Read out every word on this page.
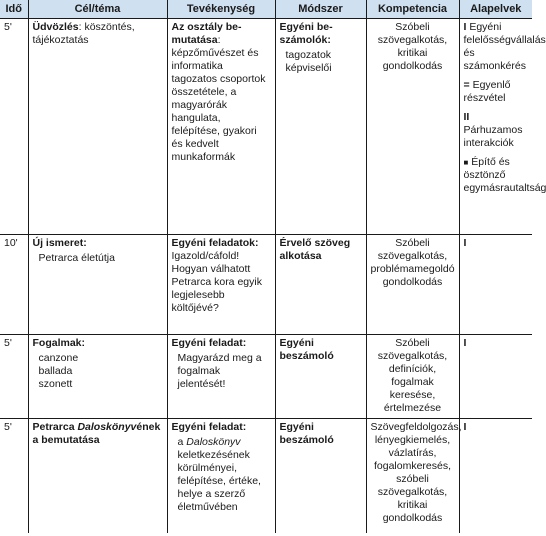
Idő	Cél/téma	Tevékenység	Módszer	Kompetencia	Alapelvek
5'	Üdvözlés: köszöntés, tájékoztatás	Az osztály be-mutatása: képzőművészet és informatika tagozatos csoportok összetétele, a magyarórák hangulata, felépítése, gyakori és kedvelt munkaformák	Egyéni be-számolók:
tagozatok képviselői	Szóbeli szövegalkotás, kritikai gondolkodás	I Egyéni felelősségvállalás és számonkérés
= Egyenlő részvétel
II Párhuzamos interakciók
■ Építő és ösztönző egymásrautaltság

10'	Új ismeret:
Petrarca életútja	Egyéni feladatok:
Igazold/cáfold! Hogyan válhatott Petrarca kora egyik legjelesebb költőjévé?	Érvelő szöveg alkotása	Szóbeli szövegalkotás, problémamegoldó gondolkodás	I
5'	Fogalmak:
canzone
ballada
szonett	Egyéni feladat:
Magyarázd meg a fogalmak jelentését!	Egyéni beszámoló	Szóbeli szövegalkotás, definíciók, fogalmak keresése, értelmezése	I
5'	Petrarca Daloskönyvének a bemutatása	Egyéni feladat:
a Daloskönyv keletkezésének körülményei, felépítése, értéke, helye a szerző életművében	Egyéni beszámoló	Szövegfeldolgozás, lényegkiemelés, vázlatírás, fogalomkeresés, szóbeli szövegalkotás, kritikai gondolkodás	I
